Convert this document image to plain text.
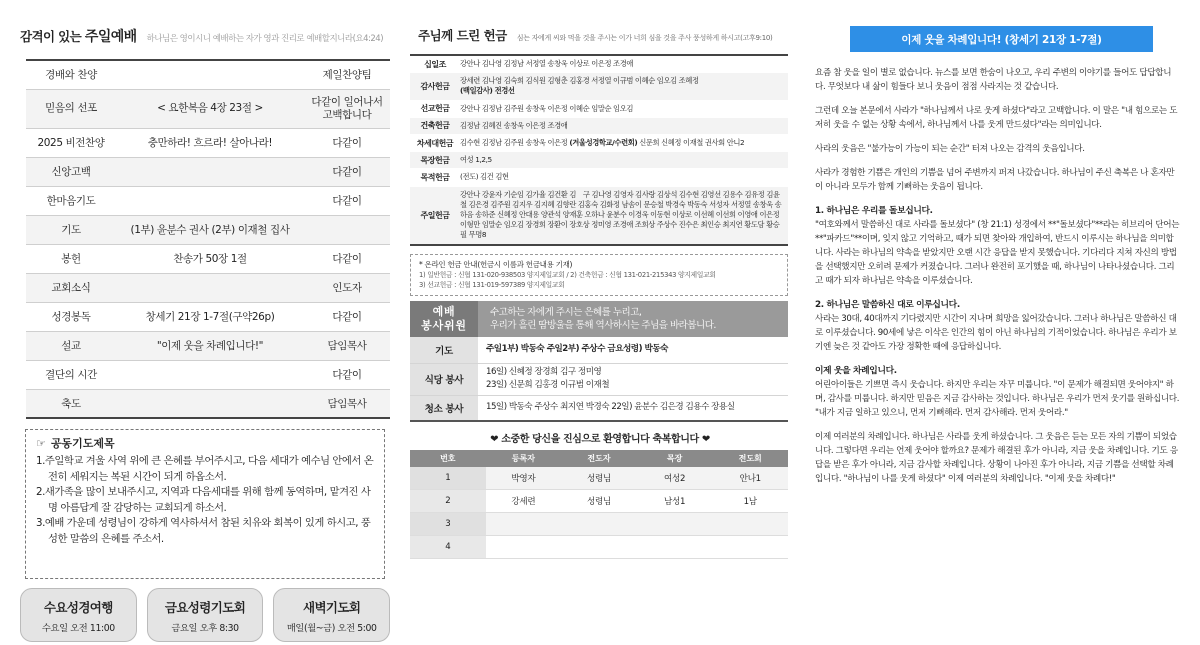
감격이 있는 주일예배 하나님은 영이시니 예배하는 자가 영과 진리로 예배할지니라(요4:24)
경배와 찬양		제일찬양팀
믿음의 선포	< 요한복음 4장 23절 >	다같이 일어나서 고백합니다
2025 비전찬양	충만하라! 흐르라! 살아나라!	다같이
신앙고백		다같이
한마음기도		다같이
기도	(1부) 윤분수 권사 (2부) 이재철 집사	
봉헌	찬송가 50장 1절	다같이
교회소식		인도자
성경봉독	창세기 21장 1-7절(구약26p)	다같이
설교	"이제 웃을 차례입니다!"	담임목사
결단의 시간		다같이
축도		담임목사
☞ 공동기도제목
1.주일학교 겨울 사역 위에 큰 은혜를 부어주시고, 다음 세대가 예수님 안에서 온전히 세워지는 복된 시간이 되게 하옵소서.
2.새가족을 많이 보내주시고, 지역과 다음세대를 위해 함께 동역하며, 맡겨진 사명 아름답게 잘 감당하는 교회되게 하소서.
3.예배 가운데 성령님이 강하게 역사하셔서 참된 치유와 회복이 있게 하시고, 풍성한 말씀의 은혜를 주소서.
수요성경여행
수요일 오전 11:00
금요성령기도회
금요일 오후 8:30
새벽기도회
매일(월~금) 오전 5:00
주님께 드린 헌금 심는 자에게 씨와 먹을 것을 주시는 이가 너희 심을 것을 주사 풍성하게 하시고(고후9:10)
십일조	강안나 김나영 김정남 서정열 송창욱 이상로 이은정 조경애
감사헌금
장세련 김나영 김숙희 김식원 김형춘 김홍경 서정열 이규범 이혜순 임오김 조혜정
(백일감사) 전경선
선교헌금	강안나 김정남 김주원 송창욱 이은정 이혜순 임말순 임오김
건축헌금	김정남 김혜진 송창욱 이은정 조경애
차세대헌금 김수현 김정남 김주원 송창욱 이은정 (겨울성경학교/수련회) 신문희 신혜정 이재철 권사회 안니2
목장헌금	여성 1,2,5
목적헌금	(전도) 김건 김현
주일헌금
강안나 강윤자 기순임 김가율 김건환 김　구 김나영 김영자 김사랑 김상석 김수현 김영선 김용수 김유정 김윤철 김은경 김주원 김지우 김지혜 김향란 김홍숙 김화정 남솜이 문승철 박경숙 박동숙 서성자 서정열 송창욱 송하음 송하준 신혜정 안대용 양관석 양재훈 오하나 윤분수 이경욱 이동현 이상로 이선혜 이선희 이영애 이은정 이형만 임말순 임오김 장경희 장환이 장호상 정미영 조경애 조희상 주상수 진수은 최인승 최지연 황도담 황승필 무명8
* 온라인 헌금 안내(헌금시 이름과 헌금내용 기재)
1) 일반헌금 : 신협 131-020-938503 양지제일교회 / 2) 건축헌금 : 신협 131-021-215343 양지제일교회
3) 선교헌금 : 신협 131-019-597389 양지제일교회
예배
봉사위원
수고하는 자에게 주시는 은혜를 누리고,
우리가 흘린 땀방울을 통해 역사하시는 주님을 바라봅니다.
기도	주일1부) 박동숙 주일2부) 주상수 금요성령) 박동숙
식당 봉사
16일) 신혜정 장경희 김구 정미영
23일) 신문희 김홍경 이규범 이재철
청소 봉사	15일) 박동숙 주상수 최지연 박경숙 22일) 윤분수 김은경 김용수 장용실
❤ 소중한 당신을 진심으로 환영합니다 축복합니다 ❤
번호	등록자	전도자	목장	전도회
1	박영자	성령님	여성2	안나1
2	강세련	성령님	남성1	1남
3				
4				
이제 웃을 차례입니다! (창세기 21장 1-7절)

요즘 참 웃을 일이 별로 없습니다. 뉴스를 보면 한숨이 나오고, 우리 주변의 이야기를 들어도 답답합니다. 무엇보다 내 삶이 힘들다 보니 웃음이 점점 사라지는 것 같습니다.

그런데 오늘 본문에서 사라가 "하나님께서 나로 웃게 하셨다"라고 고백합니다. 이 말은 "내 힘으로는 도저히 웃을 수 없는 상황 속에서, 하나님께서 나를 웃게 만드셨다"라는 의미입니다.

사라의 웃음은 "불가능이 가능이 되는 순간" 터져 나오는 감격의 웃음입니다.

사라가 경험한 기쁨은 개인의 기쁨을 넘어 주변까지 퍼져 나갔습니다. 하나님이 주신 축복은 나 혼자만이 아니라 모두가 함께 기뻐하는 웃음이 됩니다.

1. 하나님은 우리를 돌보십니다.
"여호와께서 말씀하신 대로 사라를 돌보셨다" (창 21:1) 성경에서 **"돌보셨다"**라는 히브리어 단어는 **"파카드"**이며, 잊지 않고 기억하고, 때가 되면 찾아와 개입하여, 반드시 이루시는 하나님을 의미합니다. 사라는 하나님의 약속을 받았지만 오랜 시간 응답을 받지 못했습니다. 기다리다 지쳐 자신의 방법을 선택했지만 오히려 문제가 커졌습니다. 그러나 완전히 포기했을 때, 하나님이 나타나셨습니다. 그리고 때가 되자 하나님은 약속을 이루셨습니다.

2. 하나님은 말씀하신 대로 이루십니다.
사라는 30대, 40대까지 기다렸지만 시간이 지나며 희망을 잃어갔습니다. 그러나 하나님은 말씀하신 대로 이루셨습니다. 90세에 낳은 이삭은 인간의 힘이 아닌 하나님의 기적이었습니다. 하나님은 우리가 보기엔 늦은 것 같아도 가장 정확한 때에 응답하십니다.

이제 웃을 차례입니다.
어린아이들은 기쁘면 즉시 웃습니다. 하지만 우리는 자꾸 미룹니다. "이 문제가 해결되면 웃어야지" 하며, 감사를 미룹니다. 하지만 믿음은 지금 감사하는 것입니다. 하나님은 우리가 먼저 웃기를 원하십니다. "내가 지금 일하고 있으니, 먼저 기뻐해라. 먼저 감사해라. 먼저 웃어라."

이제 여러분의 차례입니다. 하나님은 사라를 웃게 하셨습니다. 그 웃음은 듣는 모든 자의 기쁨이 되었습니다. 그렇다면 우리는 언제 웃어야 할까요? 문제가 해결된 후가 아니라, 지금 웃을 차례입니다. 기도 응답을 받은 후가 아니라, 지금 감사할 차례입니다. 상황이 나아진 후가 아니라, 지금 기쁨을 선택할 차례입니다. "하나님이 나를 웃게 하셨다" 이제 여러분의 차례입니다. "이제 웃을 차례다!"
